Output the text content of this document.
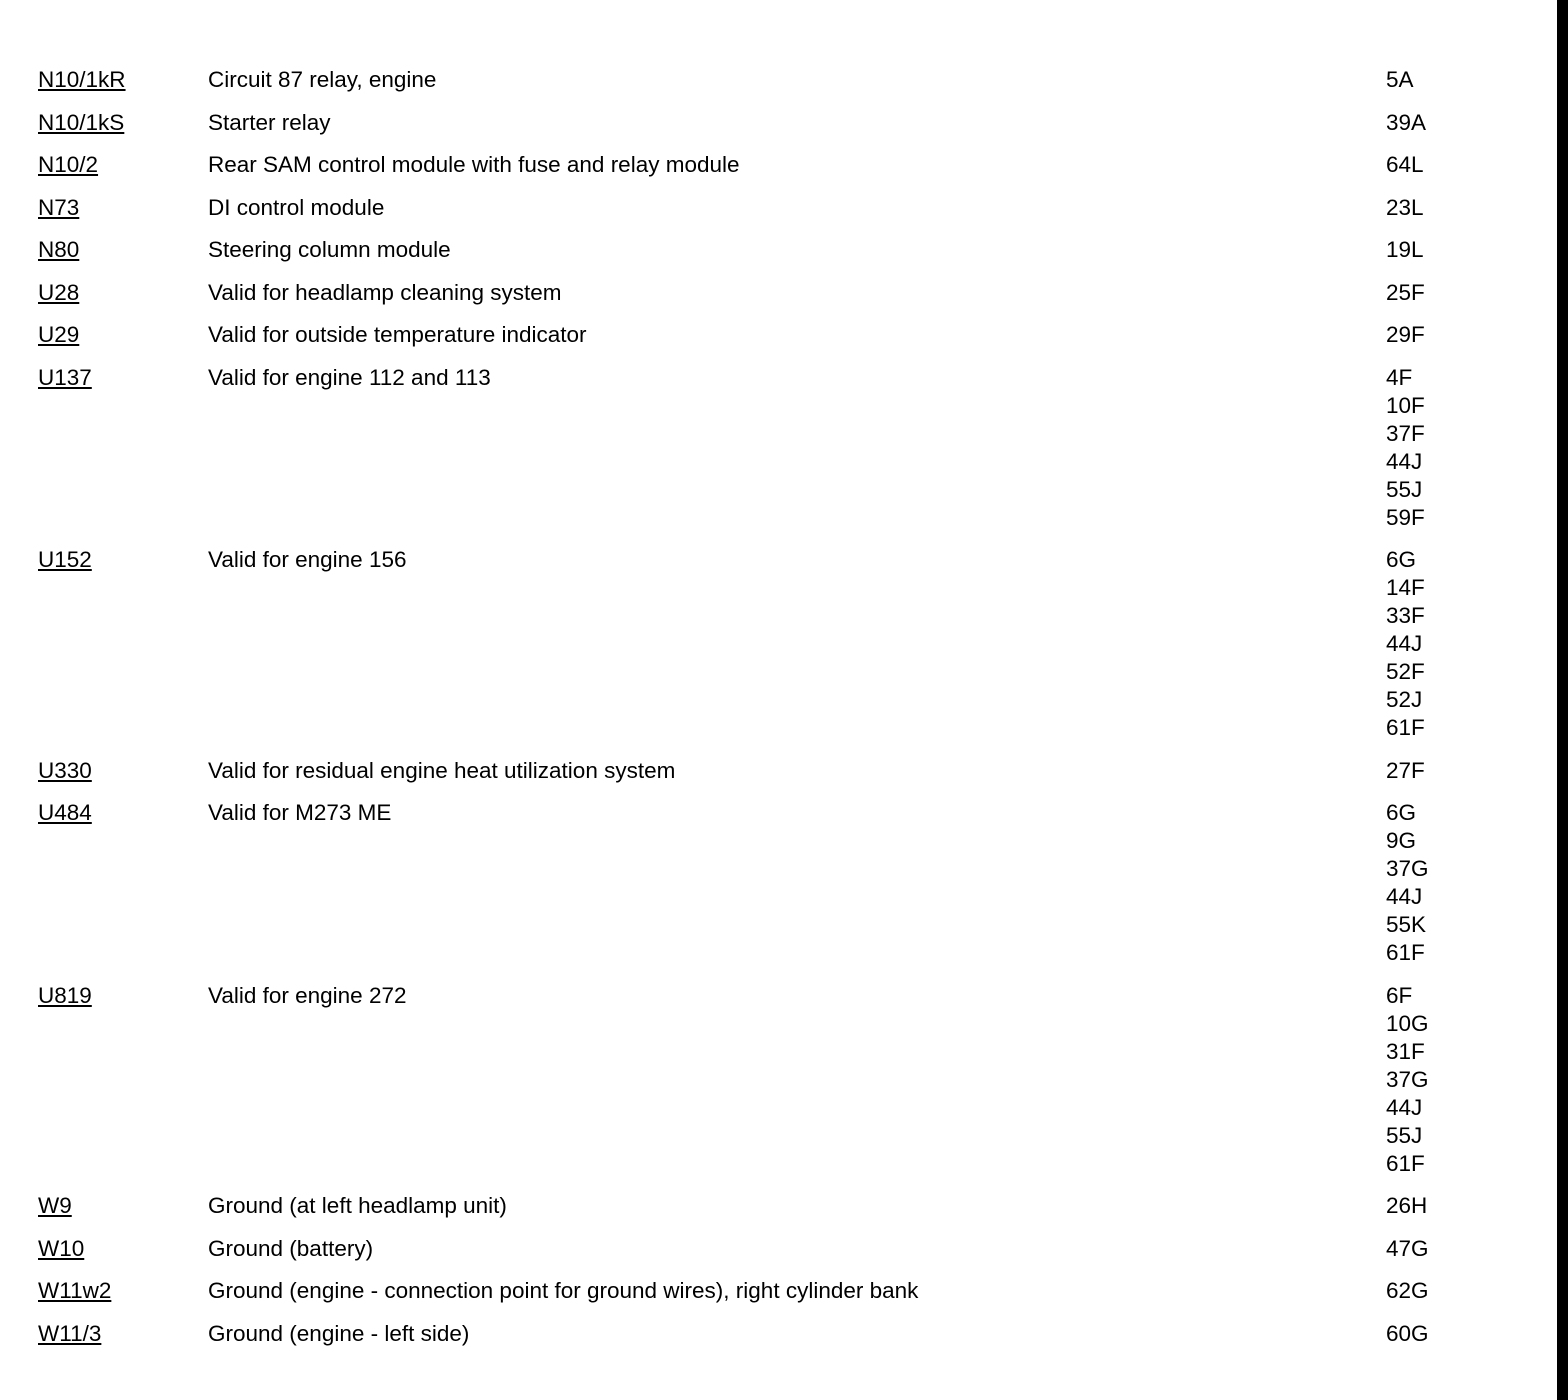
N10/1kR	Circuit 87 relay, engine	5A
N10/1kS	Starter relay	39A
N10/2	Rear SAM control module with fuse and relay module	64L
N73	DI control module	23L
N80	Steering column module	19L
U28	Valid for headlamp cleaning system	25F
U29	Valid for outside temperature indicator	29F
U137	Valid for engine 112 and 113	4F
10F
37F
44J
55J
59F
U152	Valid for engine 156	6G
14F
33F
44J
52F
52J
61F
U330	Valid for residual engine heat utilization system	27F
U484	Valid for M273 ME	6G
9G
37G
44J
55K
61F
U819	Valid for engine 272	6F
10G
31F
37G
44J
55J
61F
W9	Ground (at left headlamp unit)	26H
W10	Ground (battery)	47G
W11w2	Ground (engine - connection point for ground wires), right cylinder bank	62G
W11/3	Ground (engine - left side)	60G
